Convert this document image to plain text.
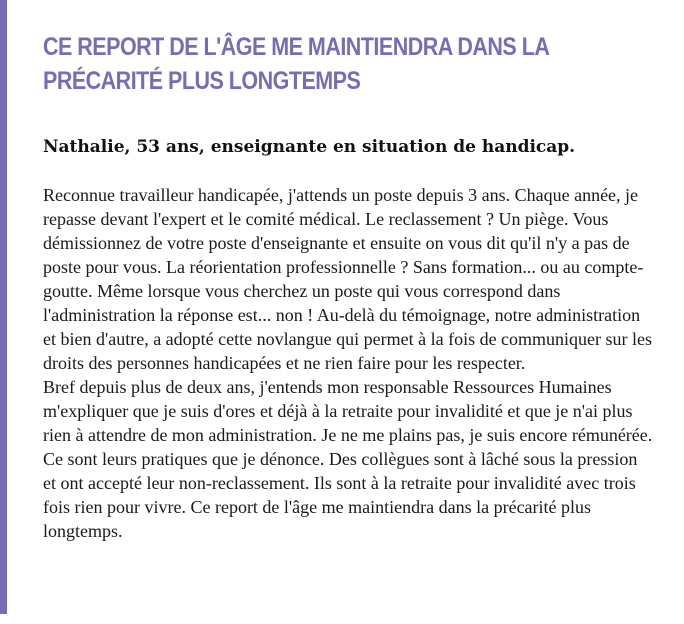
CE REPORT DE L'ÂGE ME MAINTIENDRA DANS LA PRÉCARITÉ PLUS LONGTEMPS
Nathalie, 53 ans, enseignante en situation de handicap.

Reconnue travailleur handicapée, j'attends un poste depuis 3 ans. Chaque année, je repasse devant l'expert et le comité médical. Le reclassement ? Un piège. Vous démissionnez de votre poste d'enseignante et ensuite on vous dit qu'il n'y a pas de poste pour vous. La réorientation professionnelle ? Sans formation... ou au compte-goutte. Même lorsque vous cherchez un poste qui vous correspond dans l'administration la réponse est... non ! Au-delà du témoignage, notre administration et bien d'autre, a adopté cette novlangue qui permet à la fois de communiquer sur les droits des personnes handicapées et ne rien faire pour les respecter.

Bref depuis plus de deux ans, j'entends mon responsable Ressources Humaines m'expliquer que je suis d'ores et déjà à la retraite pour invalidité et que je n'ai plus rien à attendre de mon administration. Je ne me plains pas, je suis encore rémunérée. Ce sont leurs pratiques que je dénonce. Des collègues sont à lâché sous la pression et ont accepté leur non-reclassement. Ils sont à la retraite pour invalidité avec trois fois rien pour vivre. Ce report de l'âge me maintiendra dans la précarité plus longtemps.
